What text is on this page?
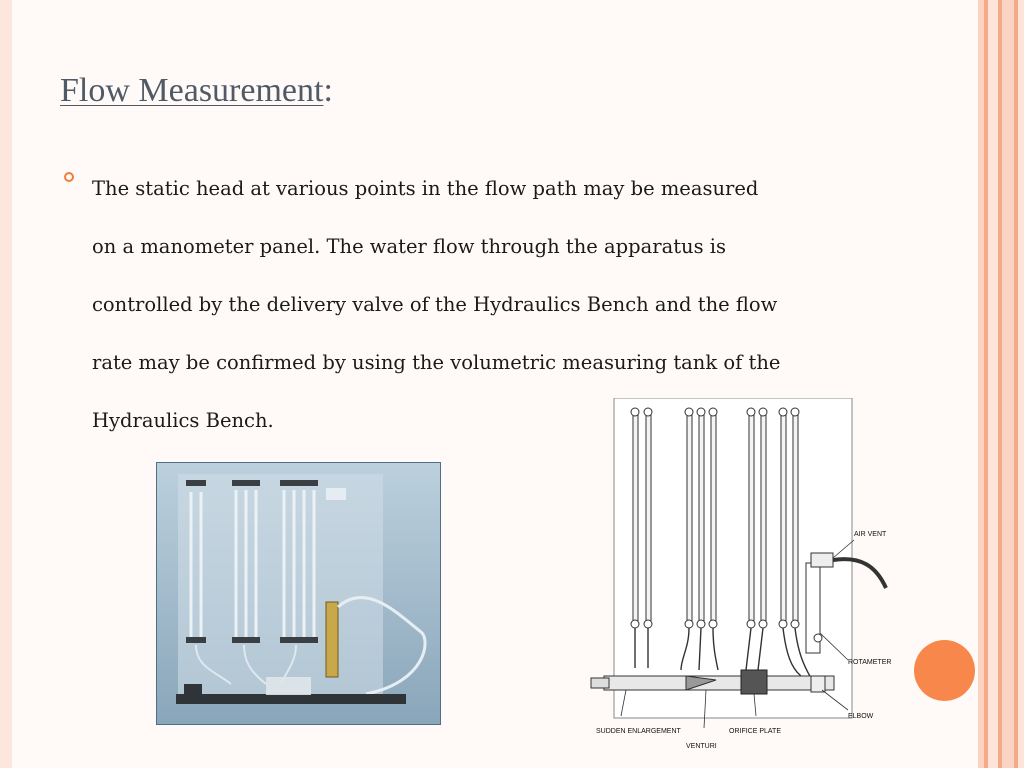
Flow Measurement:

The static head at various points in the flow path may be measured
on a manometer panel. The water flow through the apparatus is
controlled by the delivery valve of the Hydraulics Bench and the flow
rate may be confirmed by using the volumetric measuring tank of the
Hydraulics Bench.

AIR VENT
ROTAMETER
ELBOW
SUDDEN ENLARGEMENT	ORIFICE PLATE
VENTURI
